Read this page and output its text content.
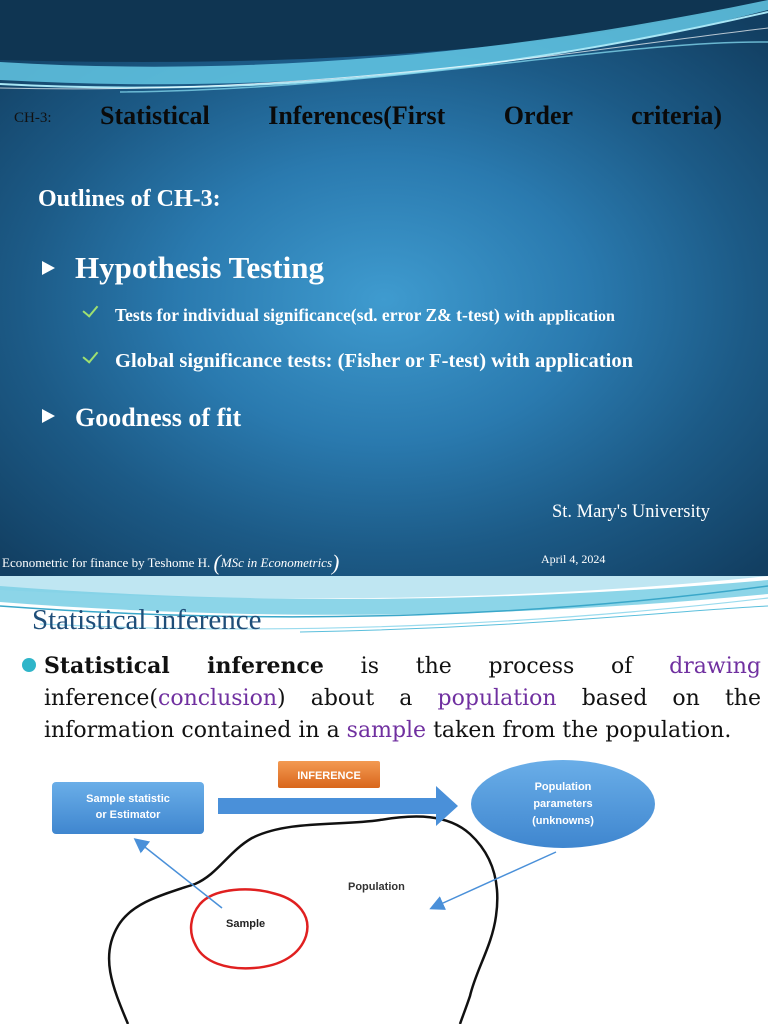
CH-3: Statistical Inferences(First Order criteria)
Outlines of CH-3:
Hypothesis Testing
Tests for individual significance(sd. error Z& t-test) with application
Global significance tests: (Fisher or F-test) with application
Goodness of fit
St. Mary's University
Econometric for finance by Teshome H. (MSc in Econometrics)	April 4, 2024
Statistical inference
Statistical inference is the process of drawing inference(conclusion) about a population based on the information contained in a sample taken from the population.
Sample statistic
or Estimator
INFERENCE
Population
parameters
(unknowns)
Population
Sample
